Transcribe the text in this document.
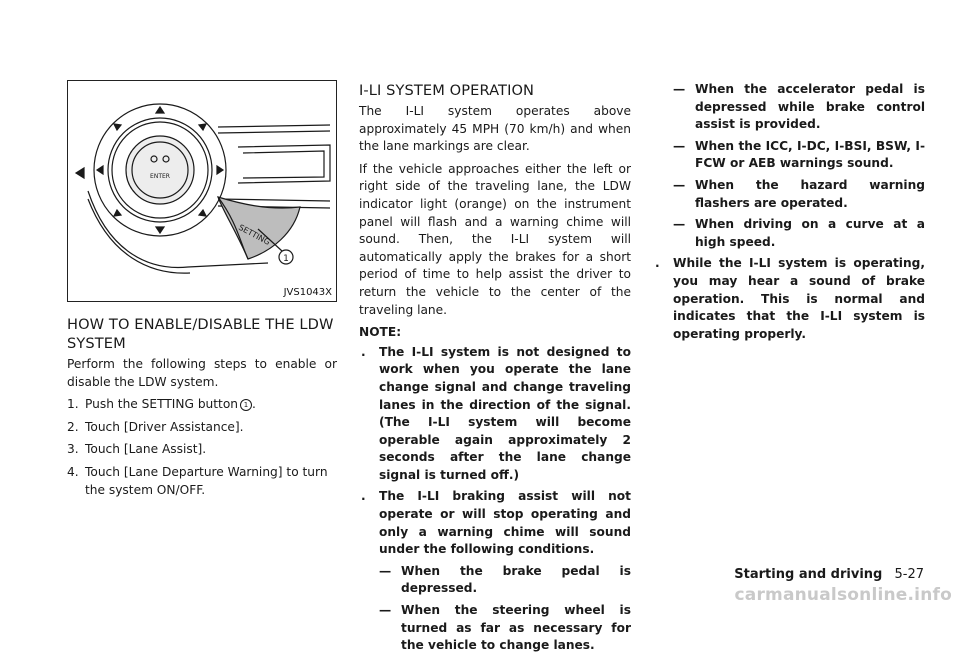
ENTER
SETTING
1
JVS1043X
HOW TO ENABLE/DISABLE THE LDW SYSTEM

Perform the following steps to enable or disable the LDW system.

1. Push the SETTING button 1 .
2. Touch [Driver Assistance].
3. Touch [Lane Assist].
4. Touch [Lane Departure Warning] to turn the system ON/OFF.
I-LI SYSTEM OPERATION

The I-LI system operates above approximately 45 MPH (70 km/h) and when the lane markings are clear.

If the vehicle approaches either the left or right side of the traveling lane, the LDW indicator light (orange) on the instrument panel will flash and a warning chime will sound. Then, the I-LI system will automatically apply the brakes for a short period of time to help assist the driver to return the vehicle to the center of the traveling lane.

NOTE:
. The I-LI system is not designed to work when you operate the lane change signal and change traveling lanes in the direction of the signal. (The I-LI system will become operable again approximately 2 seconds after the lane change signal is turned off.)
. The I-LI braking assist will not operate or will stop operating and only a warning chime will sound under the following conditions.
— When the brake pedal is depressed.
— When the steering wheel is turned as far as necessary for the vehicle to change lanes.
— When the accelerator pedal is depressed while brake control assist is provided.
— When the ICC, I-DC, I-BSI, BSW, I-FCW or AEB warnings sound.
— When the hazard warning flashers are operated.
— When driving on a curve at a high speed.
. While the I-LI system is operating, you may hear a sound of brake operation. This is normal and indicates that the I-LI system is operating properly.
Starting and driving 5-27
carmanualsonline.info
